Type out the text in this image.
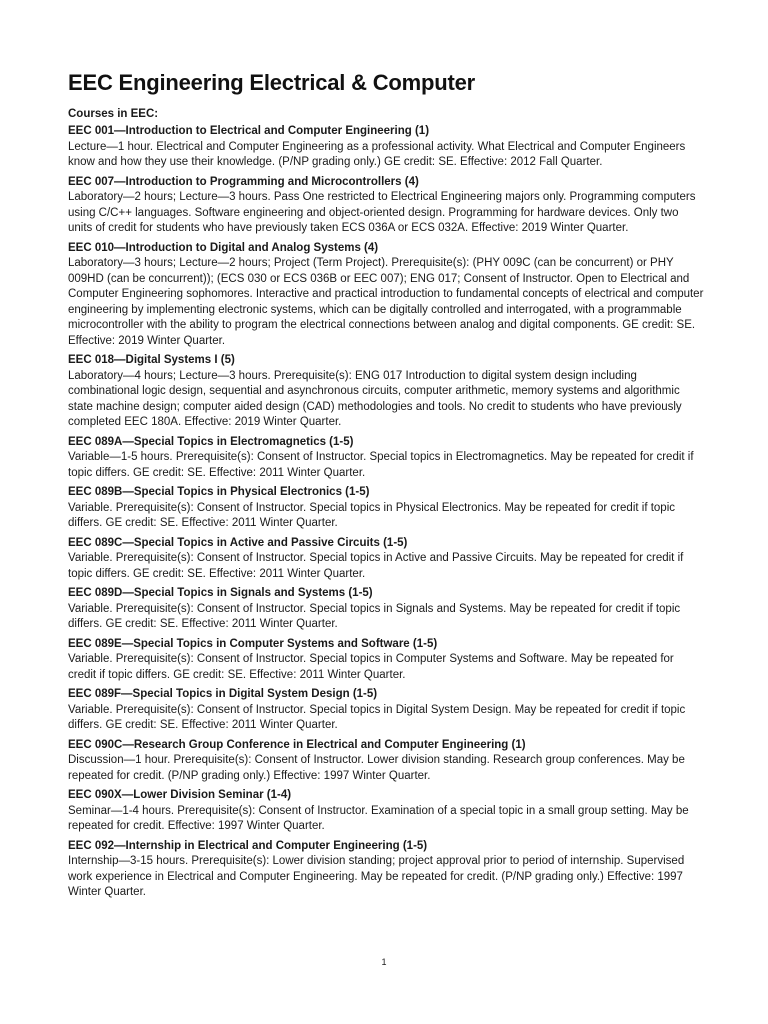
EEC Engineering Electrical & Computer
Courses in EEC:
EEC 001—Introduction to Electrical and Computer Engineering (1)
Lecture—1 hour. Electrical and Computer Engineering as a professional activity. What Electrical and Computer Engineers know and how they use their knowledge. (P/NP grading only.) GE credit: SE. Effective: 2012 Fall Quarter.
EEC 007—Introduction to Programming and Microcontrollers (4)
Laboratory—2 hours; Lecture—3 hours. Pass One restricted to Electrical Engineering majors only. Programming computers using C/C++ languages. Software engineering and object-oriented design. Programming for hardware devices. Only two units of credit for students who have previously taken ECS 036A or ECS 032A. Effective: 2019 Winter Quarter.
EEC 010—Introduction to Digital and Analog Systems (4)
Laboratory—3 hours; Lecture—2 hours; Project (Term Project). Prerequisite(s): (PHY 009C (can be concurrent) or PHY 009HD (can be concurrent)); (ECS 030 or ECS 036B or EEC 007); ENG 017; Consent of Instructor. Open to Electrical and Computer Engineering sophomores. Interactive and practical introduction to fundamental concepts of electrical and computer engineering by implementing electronic systems, which can be digitally controlled and interrogated, with a programmable microcontroller with the ability to program the electrical connections between analog and digital components. GE credit: SE. Effective: 2019 Winter Quarter.
EEC 018—Digital Systems I (5)
Laboratory—4 hours; Lecture—3 hours. Prerequisite(s): ENG 017 Introduction to digital system design including combinational logic design, sequential and asynchronous circuits, computer arithmetic, memory systems and algorithmic state machine design; computer aided design (CAD) methodologies and tools. No credit to students who have previously completed EEC 180A. Effective: 2019 Winter Quarter.
EEC 089A—Special Topics in Electromagnetics (1-5)
Variable—1-5 hours. Prerequisite(s): Consent of Instructor. Special topics in Electromagnetics. May be repeated for credit if topic differs. GE credit: SE. Effective: 2011 Winter Quarter.
EEC 089B—Special Topics in Physical Electronics (1-5)
Variable. Prerequisite(s): Consent of Instructor. Special topics in Physical Electronics. May be repeated for credit if topic differs. GE credit: SE. Effective: 2011 Winter Quarter.
EEC 089C—Special Topics in Active and Passive Circuits (1-5)
Variable. Prerequisite(s): Consent of Instructor. Special topics in Active and Passive Circuits. May be repeated for credit if topic differs. GE credit: SE. Effective: 2011 Winter Quarter.
EEC 089D—Special Topics in Signals and Systems (1-5)
Variable. Prerequisite(s): Consent of Instructor. Special topics in Signals and Systems. May be repeated for credit if topic differs. GE credit: SE. Effective: 2011 Winter Quarter.
EEC 089E—Special Topics in Computer Systems and Software (1-5)
Variable. Prerequisite(s): Consent of Instructor. Special topics in Computer Systems and Software. May be repeated for credit if topic differs. GE credit: SE. Effective: 2011 Winter Quarter.
EEC 089F—Special Topics in Digital System Design (1-5)
Variable. Prerequisite(s): Consent of Instructor. Special topics in Digital System Design. May be repeated for credit if topic differs. GE credit: SE. Effective: 2011 Winter Quarter.
EEC 090C—Research Group Conference in Electrical and Computer Engineering (1)
Discussion—1 hour. Prerequisite(s): Consent of Instructor. Lower division standing. Research group conferences. May be repeated for credit. (P/NP grading only.) Effective: 1997 Winter Quarter.
EEC 090X—Lower Division Seminar (1-4)
Seminar—1-4 hours. Prerequisite(s): Consent of Instructor. Examination of a special topic in a small group setting. May be repeated for credit. Effective: 1997 Winter Quarter.
EEC 092—Internship in Electrical and Computer Engineering (1-5)
Internship—3-15 hours. Prerequisite(s): Lower division standing; project approval prior to period of internship. Supervised work experience in Electrical and Computer Engineering. May be repeated for credit. (P/NP grading only.) Effective: 1997 Winter Quarter.
1
